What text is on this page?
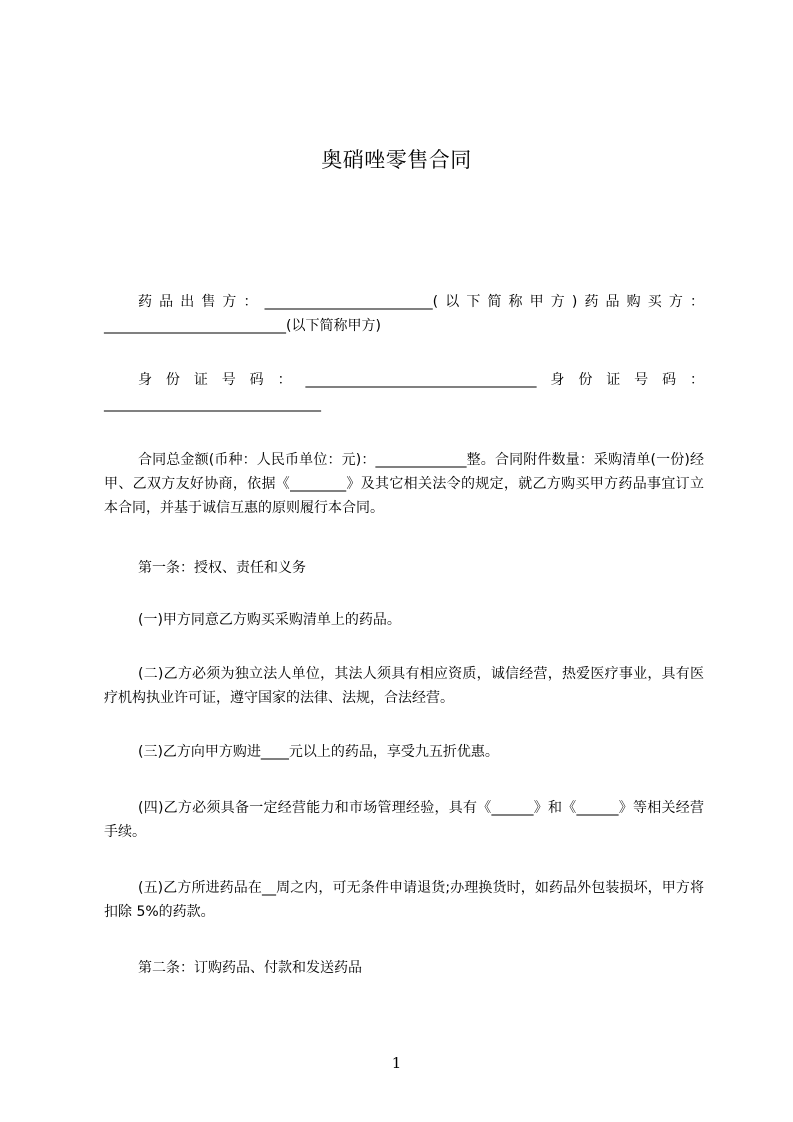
奥硝唑零售合同

药品出售方：________________________(以下简称甲方)药品购买方：__________________________(以下简称甲方)

身份证号码：_________________________________身份证号码：_______________________________

合同总金额(币种：人民币单位：元)：_____________整。合同附件数量：采购清单(一份)经甲、乙双方友好协商，依据《________》及其它相关法令的规定，就乙方购买甲方药品事宜订立本合同，并基于诚信互惠的原则履行本合同。

第一条：授权、责任和义务

(一)甲方同意乙方购买采购清单上的药品。

(二)乙方必须为独立法人单位，其法人须具有相应资质，诚信经营，热爱医疗事业，具有医疗机构执业许可证，遵守国家的法律、法规，合法经营。

(三)乙方向甲方购进____元以上的药品，享受九五折优惠。

(四)乙方必须具备一定经营能力和市场管理经验，具有《______》和《______》等相关经营手续。

(五)乙方所进药品在__周之内，可无条件申请退货;办理换货时，如药品外包装损坏，甲方将扣除 5%的药款。

第二条：订购药品、付款和发送药品

1
